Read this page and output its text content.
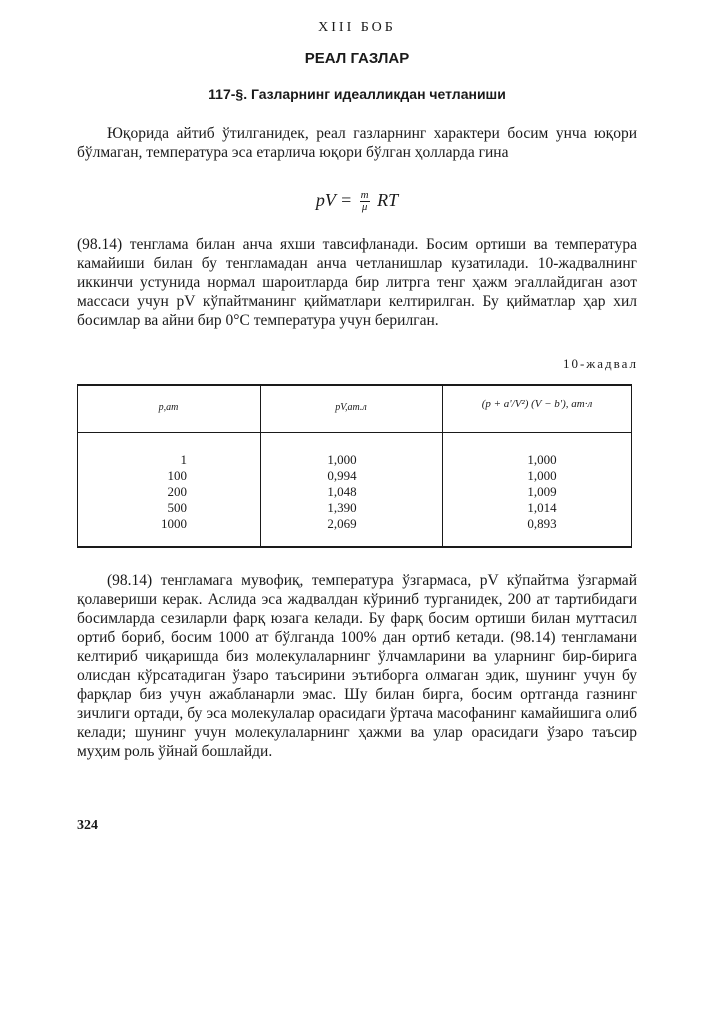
XIII БОБ
РЕАЛ ГАЗЛАР
117-§. Газларнинг идеалликдан четланиши

Юқорида айтиб ўтилганидек, реал газларнинг характери босим унча юқори бўлмаган, температура эса етарлича юқори бўлган ҳолларда гина

pV = $\frac{m}{\mu}$ RT

(98.14) тенглама билан анча яхши тавсифланади. Босим ортиши ва температура камайиши билан бу тенгламадан анча четланишлар кузатилади. 10-жадвалнинг иккинчи устунида нормал шароитларда бир литрга тенг ҳажм эгаллайдиган азот массаси учун pV кўпайтманинг қийматлари келтирилган. Бу қийматлар ҳар хил босимлар ва айни бир 0°С температура учун берилган.

10-жадвал
p,ат	pV,ат.л	(p + a'/V²) (V − b'), ат·л
1
100
200
500
1000
1,000
0,994
1,048
1,390
2,069
1,000
1,000
1,009
1,014
0,893

(98.14) тенгламага мувофиқ, температура ўзгармаса, pV кўпайтма ўзгармай қолавериши керак. Аслида эса жадвалдан кўриниб турганидек, 200 ат тартибидаги босимларда сезиларли фарқ юзага келади. Бу фарқ босим ортиши билан муттасил ортиб бориб, босим 1000 ат бўлганда 100% дан ортиб кетади. (98.14) тенгламани келтириб чиқаришда биз молекулаларнинг ўлчамларини ва уларнинг бир-бирига олисдан кўрсатадиган ўзаро таъсирини эътиборга олмаган эдик, шунинг учун бу фарқлар биз учун ажабланарли эмас. Шу билан бирга, босим ортганда газнинг зичлиги ортади, бу эса молекулалар орасидаги ўртача масофанинг камайишига олиб келади; шунинг учун молекулаларнинг ҳажми ва улар орасидаги ўзаро таъсир муҳим роль ўйнай бошлайди.

324
